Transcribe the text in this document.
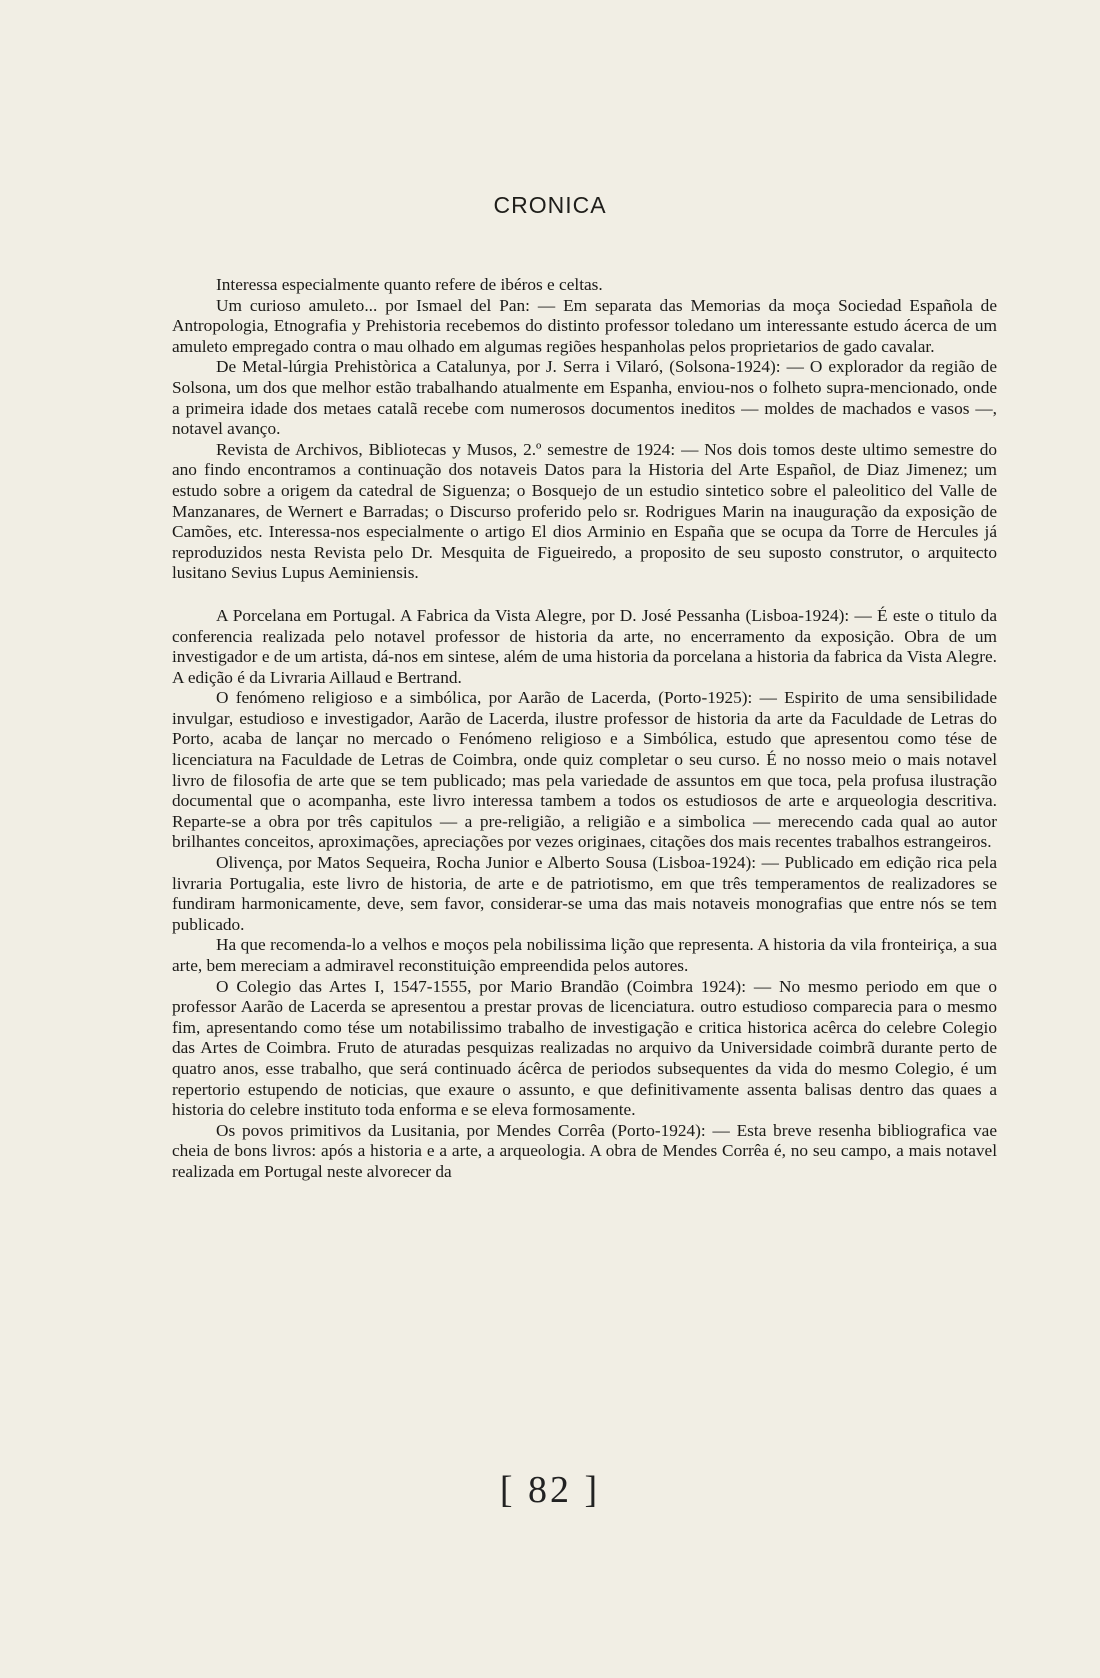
CRONICA

Interessa especialmente quanto refere de ibéros e celtas.

Um curioso amuleto... por Ismael del Pan: — Em separata das Memorias da moça Sociedad Española de Antropologia, Etnografia y Prehistoria recebemos do distinto professor toledano um interessante estudo ácerca de um amuleto empregado contra o mau olhado em algumas regiões hespanholas pelos proprietarios de gado cavalar.

De Metal-lúrgia Prehistòrica a Catalunya, por J. Serra i Vilaró, (Solsona-1924): — O explorador da região de Solsona, um dos que melhor estão trabalhando atualmente em Espanha, enviou-nos o folheto supra-mencionado, onde a primeira idade dos metaes catalã recebe com numerosos documentos ineditos — moldes de machados e vasos —, notavel avanço.

Revista de Archivos, Bibliotecas y Musos, 2.º semestre de 1924: — Nos dois tomos deste ultimo semestre do ano findo encontramos a continuação dos notaveis Datos para la Historia del Arte Español, de Diaz Jimenez; um estudo sobre a origem da catedral de Siguenza; o Bosquejo de un estudio sintetico sobre el paleolitico del Valle de Manzanares, de Wernert e Barradas; o Discurso proferido pelo sr. Rodrigues Marin na inauguração da exposição de Camões, etc. Interessa-nos especialmente o artigo El dios Arminio en España que se ocupa da Torre de Hercules já reproduzidos nesta Revista pelo Dr. Mesquita de Figueiredo, a proposito de seu suposto construtor, o arquitecto lusitano Sevius Lupus Aeminiensis.

A Porcelana em Portugal. A Fabrica da Vista Alegre, por D. José Pessanha (Lisboa-1924): — É este o titulo da conferencia realizada pelo notavel professor de historia da arte, no encerramento da exposição. Obra de um investigador e de um artista, dá-nos em sintese, além de uma historia da porcelana a historia da fabrica da Vista Alegre. A edição é da Livraria Aillaud e Bertrand.

O fenómeno religioso e a simbólica, por Aarão de Lacerda, (Porto-1925): — Espirito de uma sensibilidade invulgar, estudioso e investigador, Aarão de Lacerda, ilustre professor de historia da arte da Faculdade de Letras do Porto, acaba de lançar no mercado o Fenómeno religioso e a Simbólica, estudo que apresentou como tése de licenciatura na Faculdade de Letras de Coimbra, onde quiz completar o seu curso. É no nosso meio o mais notavel livro de filosofia de arte que se tem publicado; mas pela variedade de assuntos em que toca, pela profusa ilustração documental que o acompanha, este livro interessa tambem a todos os estudiosos de arte e arqueologia descritiva. Reparte-se a obra por três capitulos — a pre-religião, a religião e a simbolica — merecendo cada qual ao autor brilhantes conceitos, aproximações, apreciações por vezes originaes, citações dos mais recentes trabalhos estrangeiros.

Olivença, por Matos Sequeira, Rocha Junior e Alberto Sousa (Lisboa-1924): — Publicado em edição rica pela livraria Portugalia, este livro de historia, de arte e de patriotismo, em que três temperamentos de realizadores se fundiram harmonicamente, deve, sem favor, considerar-se uma das mais notaveis monografias que entre nós se tem publicado.

Ha que recomenda-lo a velhos e moços pela nobilissima lição que representa. A historia da vila fronteiriça, a sua arte, bem mereciam a admiravel reconstituição empreendida pelos autores.

O Colegio das Artes I, 1547-1555, por Mario Brandão (Coimbra 1924): — No mesmo periodo em que o professor Aarão de Lacerda se apresentou a prestar provas de licenciatura. outro estudioso comparecia para o mesmo fim, apresentando como tése um notabilissimo trabalho de investigação e critica historica acêrca do celebre Colegio das Artes de Coimbra. Fruto de aturadas pesquizas realizadas no arquivo da Universidade coimbrã durante perto de quatro anos, esse trabalho, que será continuado ácêrca de periodos subsequentes da vida do mesmo Colegio, é um repertorio estupendo de noticias, que exaure o assunto, e que definitivamente assenta balisas dentro das quaes a historia do celebre instituto toda enforma e se eleva formosamente.

Os povos primitivos da Lusitania, por Mendes Corrêa (Porto-1924): — Esta breve resenha bibliografica vae cheia de bons livros: após a historia e a arte, a arqueologia. A obra de Mendes Corrêa é, no seu campo, a mais notavel realizada em Portugal neste alvorecer da

[ 82 ]
